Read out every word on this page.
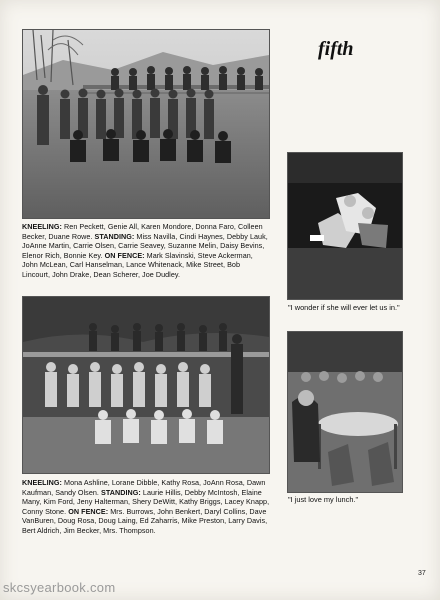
fifth
KNEELING: Ren Peckett, Genie All, Karen Mondore, Donna Faro, Colleen Becker, Duane Rowe. STANDING: Miss Navilla, Cindi Haynes, Debby Lauk, JoAnne Martin, Carrie Olsen, Carrie Seavey, Suzanne Melin, Daisy Bevins, Elenor Rich, Bonnie Key. ON FENCE: Mark Slavinski, Steve Ackerman, John McLean, Carl Hanselman, Lance Whitenack, Mike Street, Bob Lincourt, John Drake, Dean Scherer, Joe Dudley.
KNEELING: Mona Ashline, Lorane Dibble, Kathy Rosa, JoAnn Rosa, Dawn Kaufman, Sandy Olsen. STANDING: Laurie Hillis, Debby McIntosh, Elaine Many, Kim Ford, Jeny Halterman, Shery DeWitt, Kathy Briggs, Lacey Knapp, Conny Stone. ON FENCE: Mrs. Burrows, John Benkert, Daryl Collins, Dave VanBuren, Doug Rosa, Doug Laing, Ed Zaharris, Mike Preston, Larry Davis, Bert Aldrich, Jim Becker, Mrs. Thompson.
"I wonder if she will ever let us in."
"I just love my lunch."
37
skcsyearbook.com
